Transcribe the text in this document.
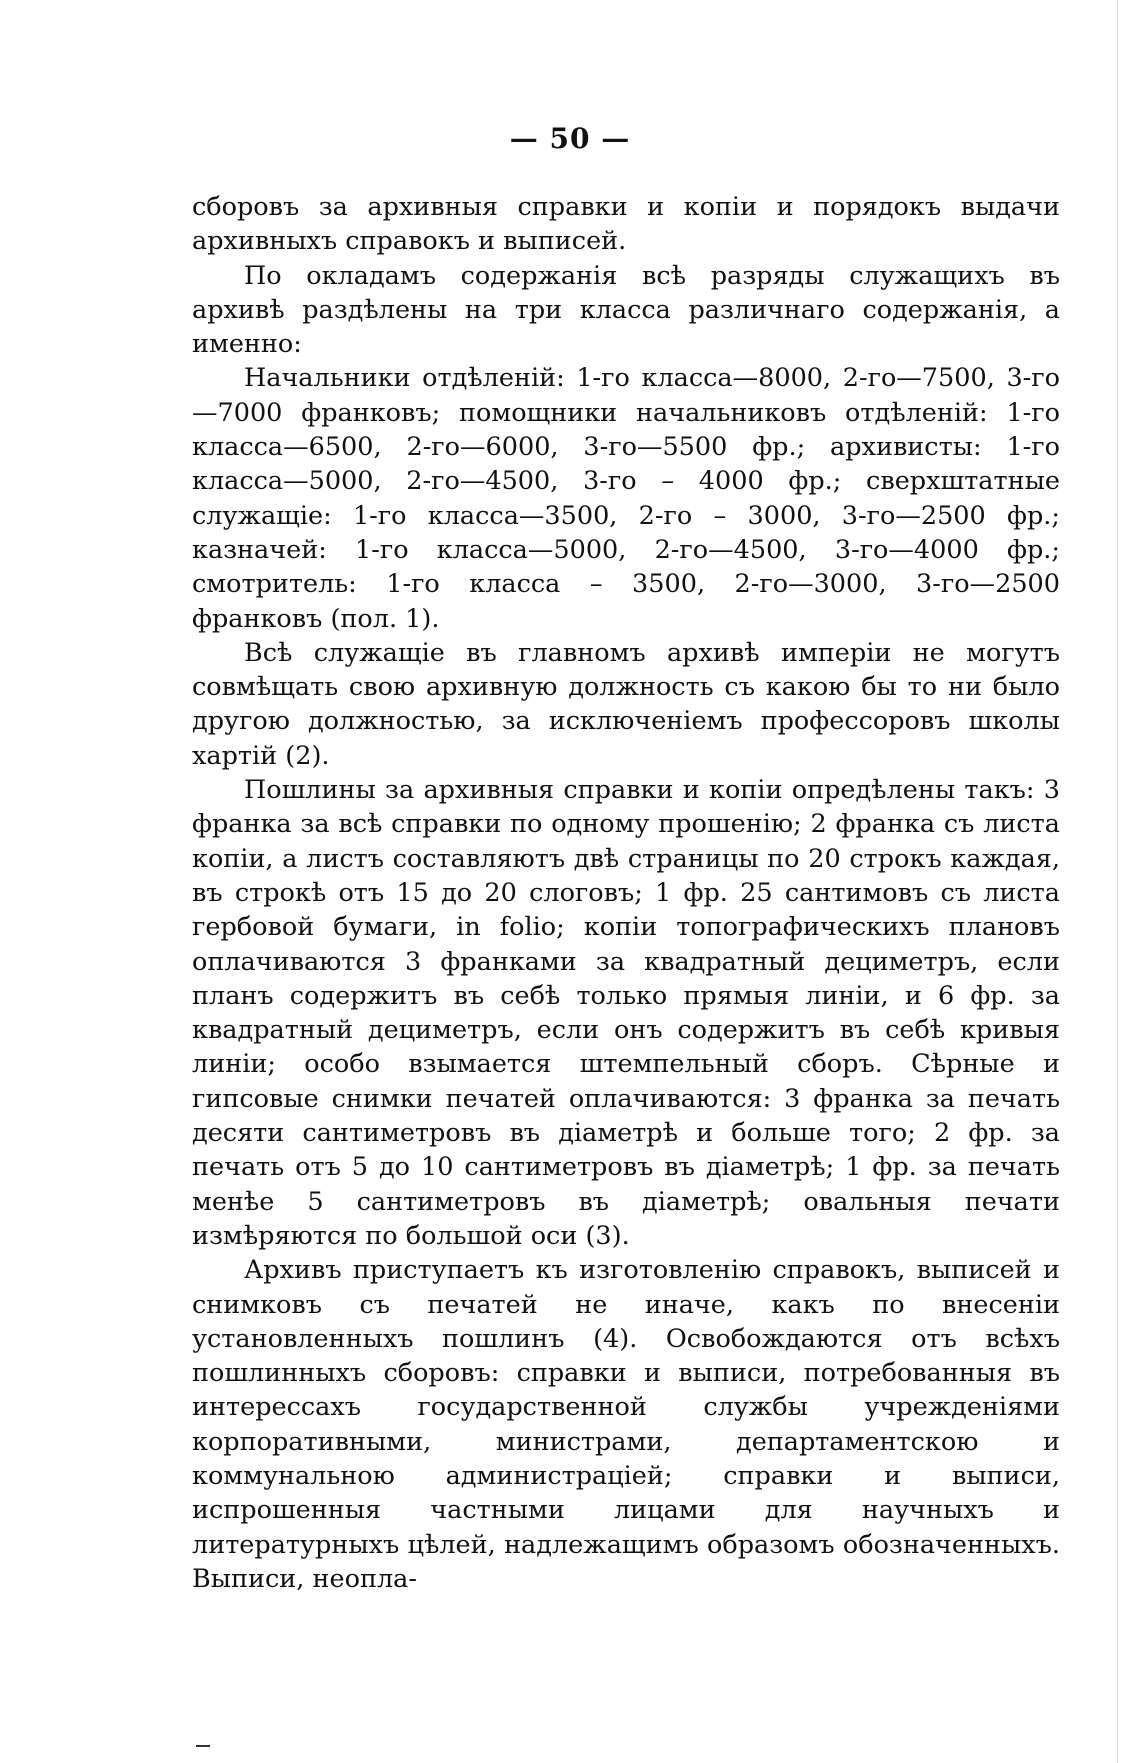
— 50 —

сборовъ за архивныя справки и копіи и порядокъ выдачи архивныхъ справокъ и выписей.

По окладамъ содержанія всѣ разряды служащихъ въ архивѣ раздѣлены на три класса различнаго содержанія, а именно:

Начальники отдѣленій: 1-го класса—8000, 2-го—7500, 3-го—7000 франковъ; помощники начальниковъ отдѣленій: 1-го класса—6500, 2-го—6000, 3-го—5500 фр.; архивисты: 1-го класса—5000, 2-го—4500, 3-го – 4000 фр.; сверхштатные служащіе: 1-го класса—3500, 2-го – 3000, 3-го—2500 фр.; казначей: 1-го класса—5000, 2-го—4500, 3-го—4000 фр.; смотритель: 1-го класса – 3500, 2-го—3000, 3-го—2500 франковъ (пол. 1).

Всѣ служащіе въ главномъ архивѣ имперіи не могутъ совмѣщать свою архивную должность съ какою бы то ни было другою должностью, за исключеніемъ профессоровъ школы хартій (2).

Пошлины за архивныя справки и копіи опредѣлены такъ: 3 франка за всѣ справки по одному прошенію; 2 франка съ листа копіи, а листъ составляютъ двѣ страницы по 20 строкъ каждая, въ строкѣ отъ 15 до 20 слоговъ; 1 фр. 25 сантимовъ съ листа гербовой бумаги, in folio; копіи топографическихъ плановъ оплачиваются 3 франками за квадратный дециметръ, если планъ содержитъ въ себѣ только прямыя линіи, и 6 фр. за квадратный дециметръ, если онъ содержитъ въ себѣ кривыя линіи; особо взымается штемпельный сборъ. Сѣрные и гипсовые снимки печатей оплачиваются: 3 франка за печать десяти сантиметровъ въ діаметрѣ и больше того; 2 фр. за печать отъ 5 до 10 сантиметровъ въ діаметрѣ; 1 фр. за печать менѣе 5 сантиметровъ въ діаметрѣ; овальныя печати измѣряются по большой оси (3).

Архивъ приступаетъ къ изготовленію справокъ, выписей и снимковъ съ печатей не иначе, какъ по внесеніи установленныхъ пошлинъ (4). Освобождаются отъ всѣхъ пошлинныхъ сборовъ: справки и выписи, потребованныя въ интерессахъ государственной службы учрежденіями корпоративными, министрами, департаментскою и коммунальною администраціей; справки и выписи, испрошенныя частными лицами для научныхъ и литературныхъ цѣлей, надлежащимъ образомъ обозначенныхъ. Выписи, неопла-
